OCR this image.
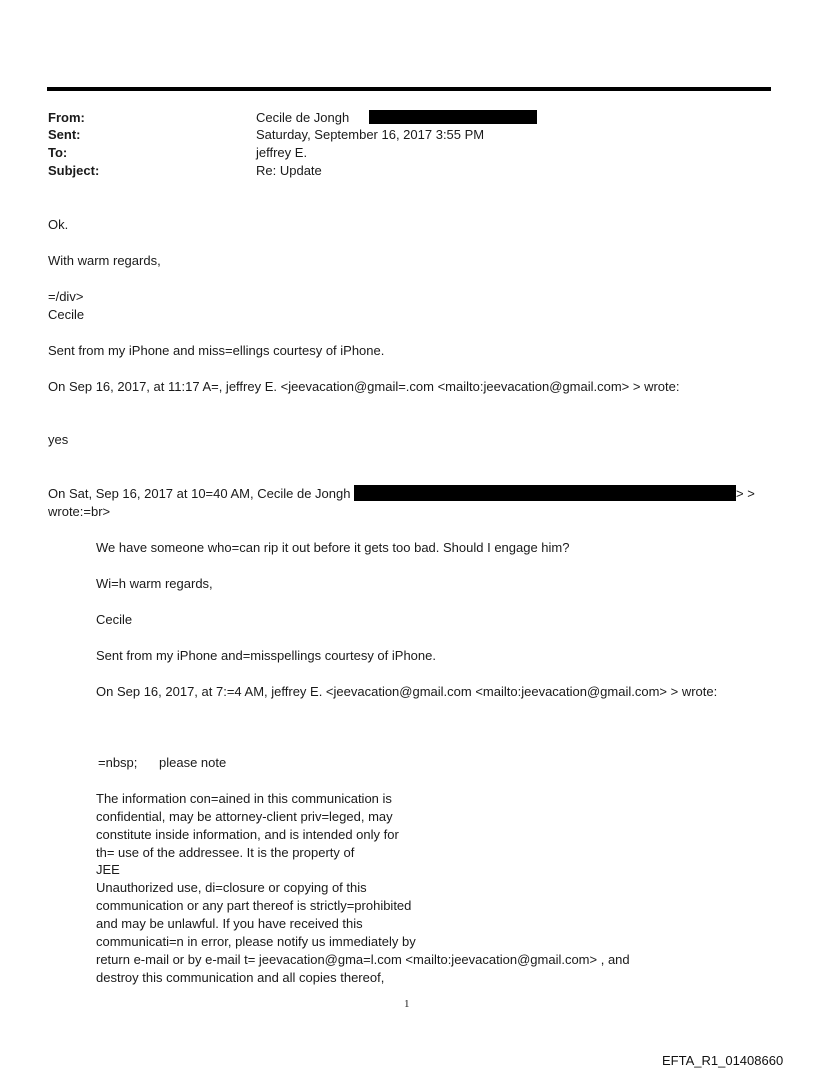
From:	Cecile de Jongh
Sent:	Saturday, September 16, 2017 3:55 PM
To:	jeffrey E.
Subject:	Re: Update
Ok.
With warm regards,
=/div>
Cecile
Sent from my iPhone and miss=ellings courtesy of iPhone.
On Sep 16, 2017, at 11:17 A=, jeffrey E. <jeevacation@gmail=.com <mailto:jeevacation@gmail.com> > wrote:
yes
On Sat, Sep 16, 2017 at 10=40 AM, Cecile de Jongh	> >
wrote:=br>
We have someone who=can rip it out before it gets too bad. Should I engage him?
Wi=h warm regards,
Cecile
Sent from my iPhone and=misspellings courtesy of iPhone.
On Sep 16, 2017, at 7:=4 AM, jeffrey E. <jeevacation@gmail.com <mailto:jeevacation@gmail.com> > wrote:
=nbsp; please note
The information con=ained in this communication is
confidential, may be attorney-client priv=leged, may
constitute inside information, and is intended only for
th= use of the addressee. It is the property of
JEE
Unauthorized use, di=closure or copying of this
communication or any part thereof is strictly=prohibited
and may be unlawful. If you have received this
communicati=n in error, please notify us immediately by
return e-mail or by e-mail t= jeevacation@gma=l.com <mailto:jeevacation@gmail.com> , and
destroy this communication and all copies thereof,
1
EFTA_R1_01408660
